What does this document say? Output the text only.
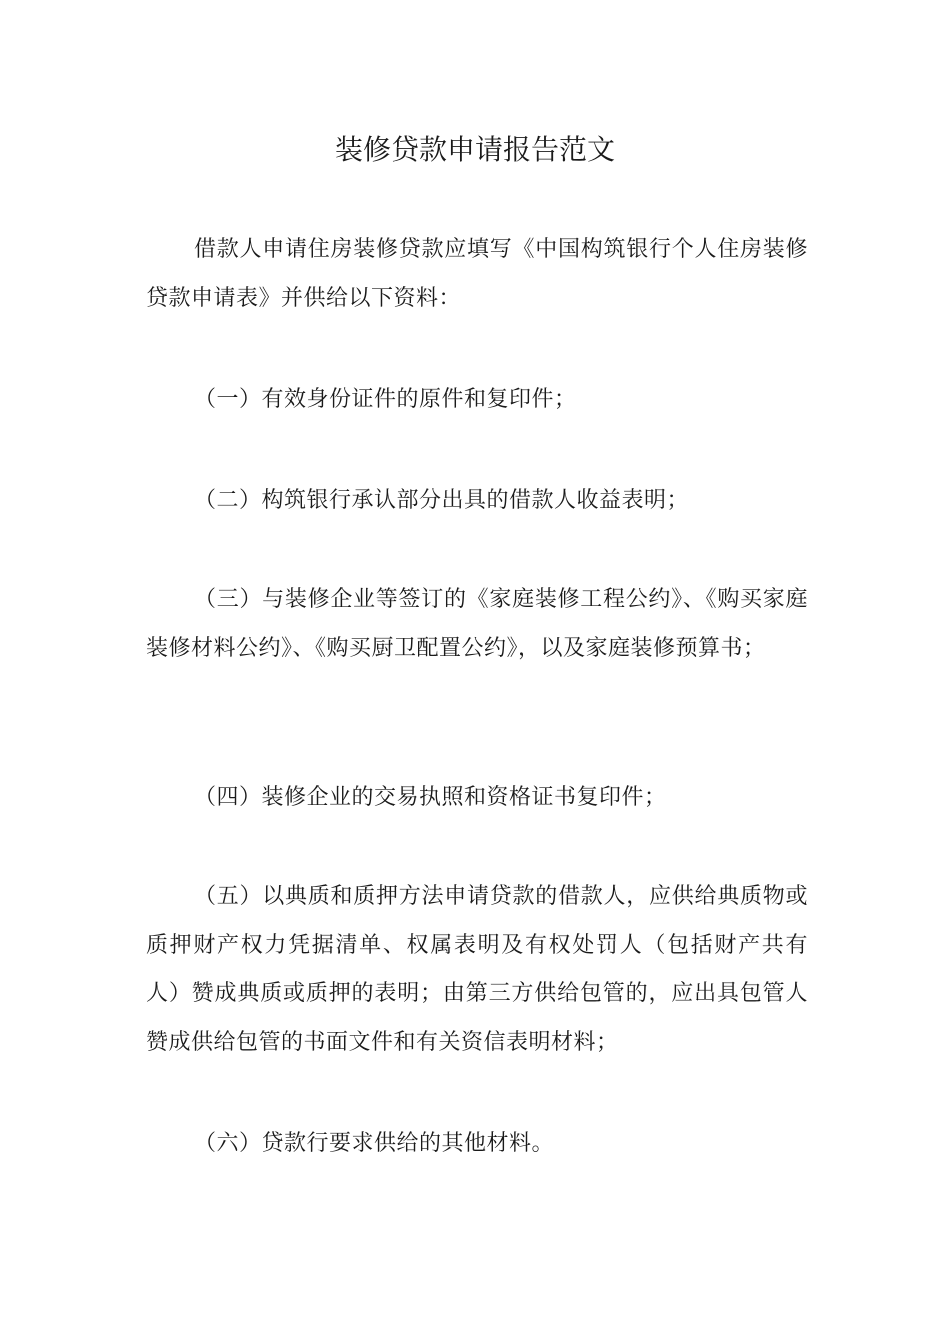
装修贷款申请报告范文

借款人申请住房装修贷款应填写《中国构筑银行个人住房装修贷款申请表》并供给以下资料：

（一）有效身份证件的原件和复印件；

（二）构筑银行承认部分出具的借款人收益表明；

（三）与装修企业等签订的《家庭装修工程公约》、《购买家庭装修材料公约》、《购买厨卫配置公约》，以及家庭装修预算书；

（四）装修企业的交易执照和资格证书复印件；

（五）以典质和质押方法申请贷款的借款人，应供给典质物或质押财产权力凭据清单、权属表明及有权处罚人（包括财产共有人）赞成典质或质押的表明；由第三方供给包管的，应出具包管人赞成供给包管的书面文件和有关资信表明材料；

（六）贷款行要求供给的其他材料。
